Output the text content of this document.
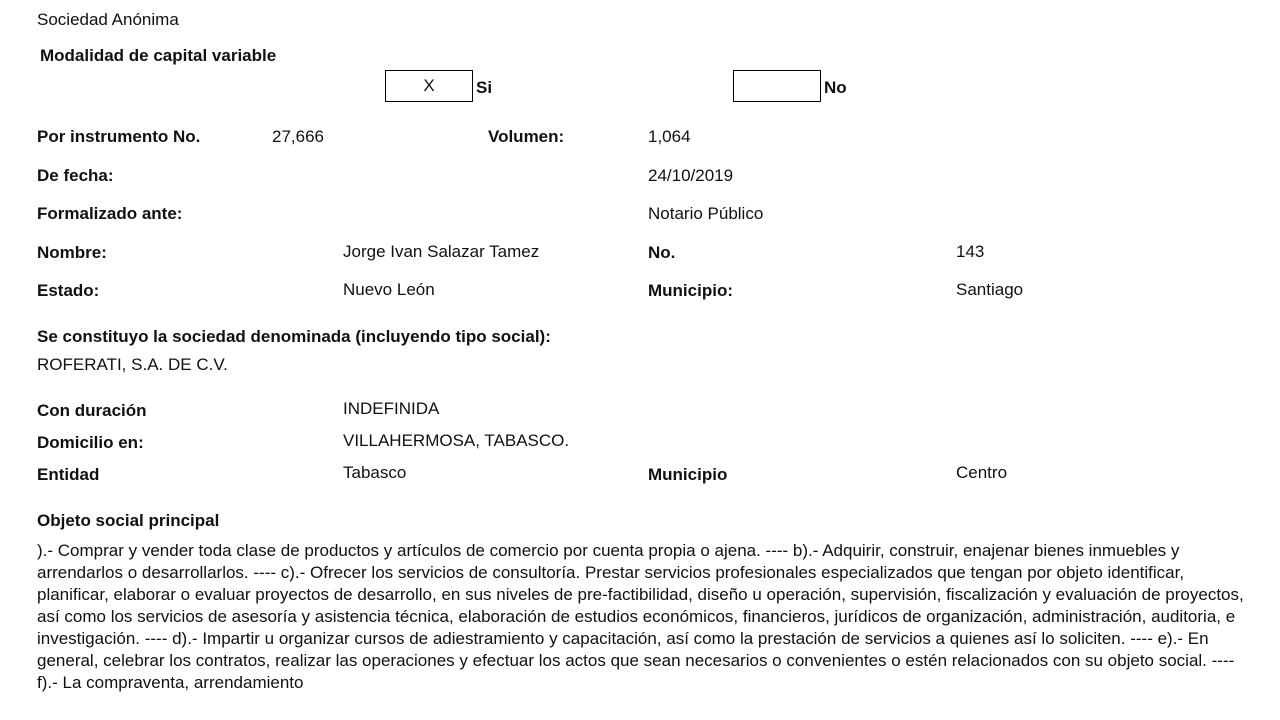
Sociedad Anónima
Modalidad de capital variable
X	Si	No
Por instrumento No.	27,666	Volumen:	1,064
De fecha:	24/10/2019
Formalizado ante:	Notario Público
Nombre:	Jorge Ivan Salazar Tamez	No.	143
Estado:	Nuevo León	Municipio:	Santiago
Se constituyo la sociedad denominada (incluyendo tipo social):
ROFERATI, S.A. DE C.V.
Con duración	INDEFINIDA
Domicilio en:	VILLAHERMOSA, TABASCO.
Entidad	Tabasco	Municipio	Centro
Objeto social principal
).- Comprar y vender toda clase de productos y artículos de comercio por cuenta propia o ajena. ---- b).- Adquirir, construir, enajenar bienes inmuebles y arrendarlos o desarrollarlos. ---- c).- Ofrecer los servicios de consultoría. Prestar servicios profesionales especializados que tengan por objeto identificar, planificar, elaborar o evaluar proyectos de desarrollo, en sus niveles de pre-factibilidad, diseño u operación, supervisión, fiscalización y evaluación de proyectos, así como los servicios de asesoría y asistencia técnica, elaboración de estudios económicos, financieros, jurídicos de organización, administración, auditoria, e investigación. ---- d).- Impartir u organizar cursos de adiestramiento y capacitación, así como la prestación de servicios a quienes así lo soliciten. ---- e).- En general, celebrar los contratos, realizar las operaciones y efectuar los actos que sean necesarios o convenientes o estén relacionados con su objeto social. ---- f).- La compraventa, arrendamiento
